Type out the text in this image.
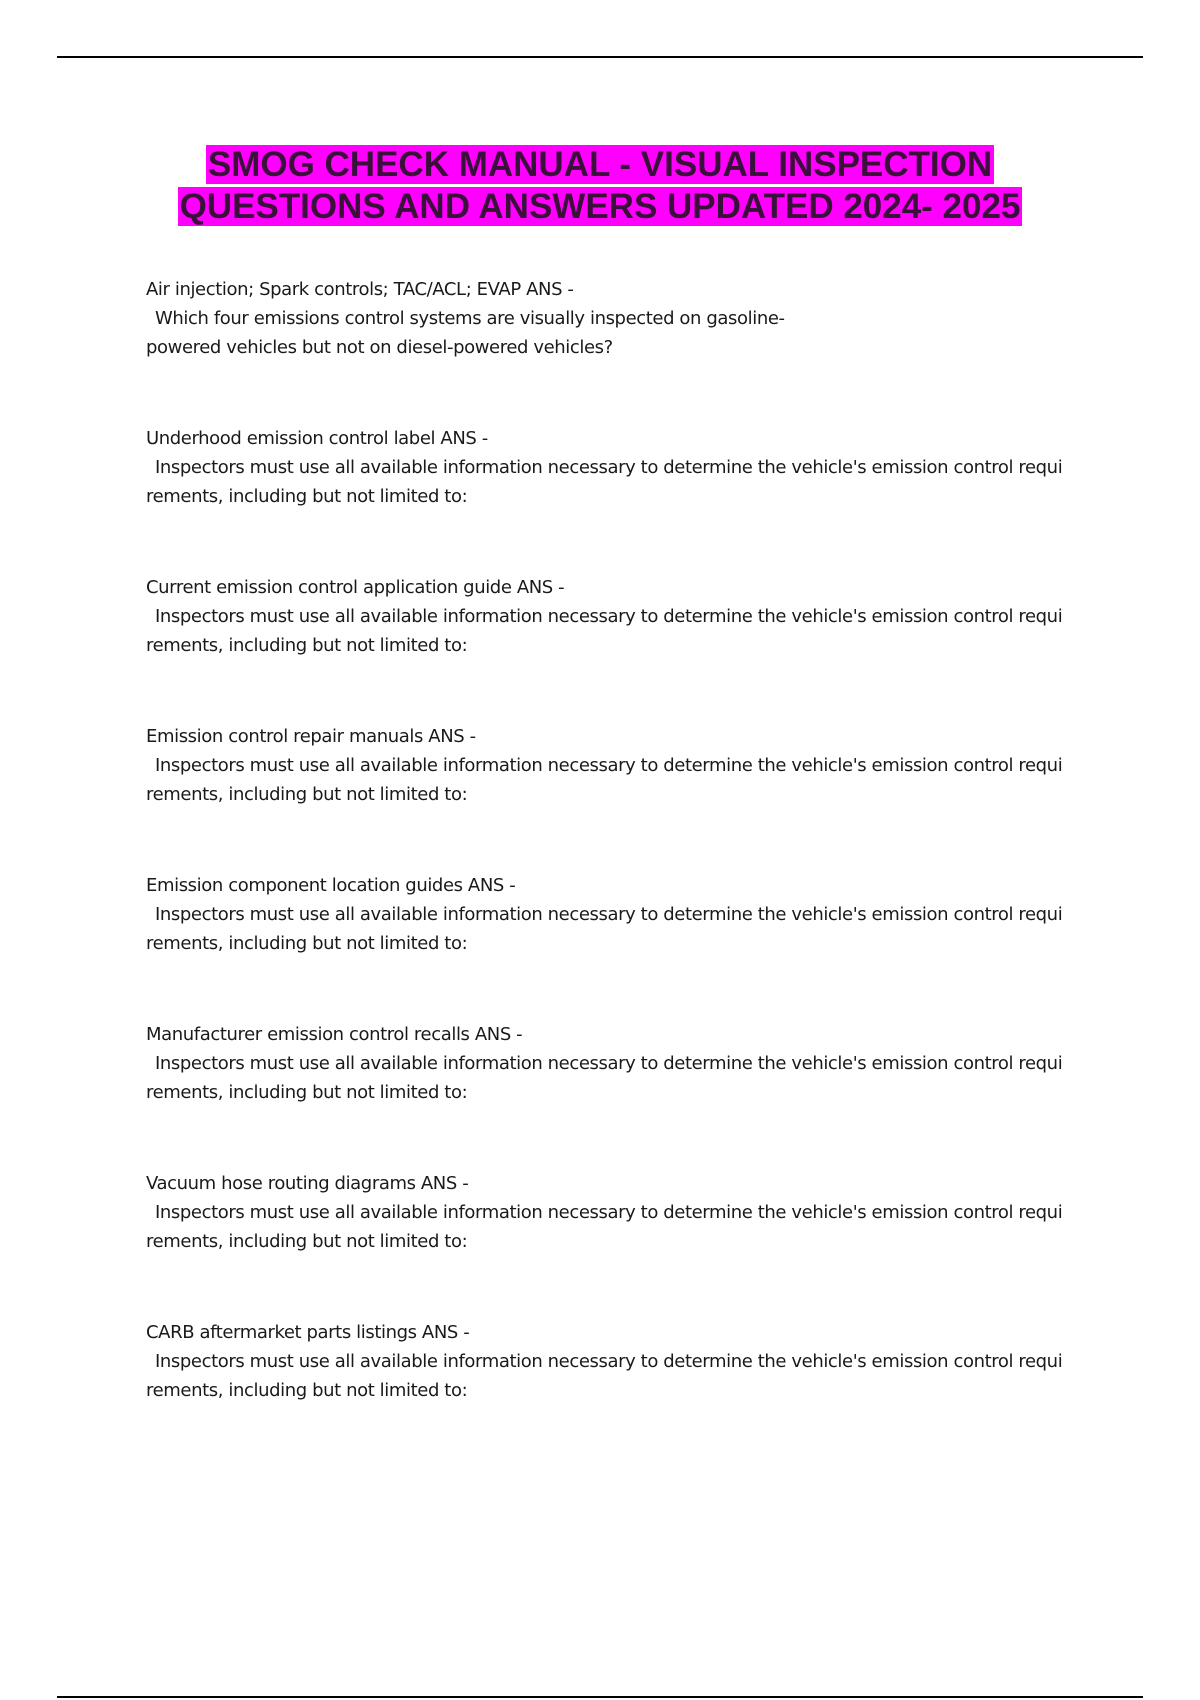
SMOG CHECK MANUAL - VISUAL INSPECTION
QUESTIONS AND ANSWERS UPDATED 2024- 2025
Air injection; Spark controls; TAC/ACL; EVAP ANS -
Which four emissions control systems are visually inspected on gasoline-
powered vehicles but not on diesel-powered vehicles?
Underhood emission control label ANS -
Inspectors must use all available information necessary to determine the vehicle's emission control requi
rements, including but not limited to:
Current emission control application guide ANS -
Inspectors must use all available information necessary to determine the vehicle's emission control requi
rements, including but not limited to:
Emission control repair manuals ANS -
Inspectors must use all available information necessary to determine the vehicle's emission control requi
rements, including but not limited to:
Emission component location guides ANS -
Inspectors must use all available information necessary to determine the vehicle's emission control requi
rements, including but not limited to:
Manufacturer emission control recalls ANS -
Inspectors must use all available information necessary to determine the vehicle's emission control requi
rements, including but not limited to:
Vacuum hose routing diagrams ANS -
Inspectors must use all available information necessary to determine the vehicle's emission control requi
rements, including but not limited to:
CARB aftermarket parts listings ANS -
Inspectors must use all available information necessary to determine the vehicle's emission control requi
rements, including but not limited to:
